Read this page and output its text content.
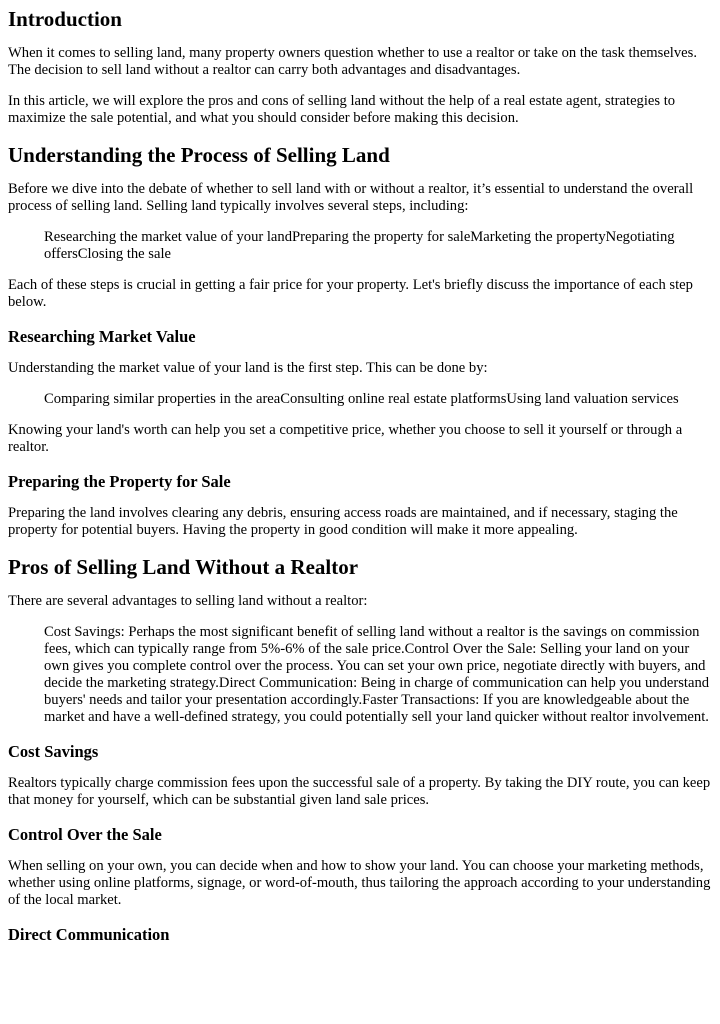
Introduction

When it comes to selling land, many property owners question whether to use a realtor or take on the task themselves. The decision to sell land without a realtor can carry both advantages and disadvantages.

In this article, we will explore the pros and cons of selling land without the help of a real estate agent, strategies to maximize the sale potential, and what you should consider before making this decision.

Understanding the Process of Selling Land

Before we dive into the debate of whether to sell land with or without a realtor, it’s essential to understand the overall process of selling land. Selling land typically involves several steps, including:

Researching the market value of your landPreparing the property for saleMarketing the propertyNegotiating offersClosing the sale

Each of these steps is crucial in getting a fair price for your property. Let's briefly discuss the importance of each step below.

Researching Market Value

Understanding the market value of your land is the first step. This can be done by:

Comparing similar properties in the areaConsulting online real estate platformsUsing land valuation services

Knowing your land's worth can help you set a competitive price, whether you choose to sell it yourself or through a realtor.

Preparing the Property for Sale

Preparing the land involves clearing any debris, ensuring access roads are maintained, and if necessary, staging the property for potential buyers. Having the property in good condition will make it more appealing.

Pros of Selling Land Without a Realtor

There are several advantages to selling land without a realtor:

Cost Savings: Perhaps the most significant benefit of selling land without a realtor is the savings on commission fees, which can typically range from 5%-6% of the sale price.Control Over the Sale: Selling your land on your own gives you complete control over the process. You can set your own price, negotiate directly with buyers, and decide the marketing strategy.Direct Communication: Being in charge of communication can help you understand buyers' needs and tailor your presentation accordingly.Faster Transactions: If you are knowledgeable about the market and have a well-defined strategy, you could potentially sell your land quicker without realtor involvement.

Cost Savings

Realtors typically charge commission fees upon the successful sale of a property. By taking the DIY route, you can keep that money for yourself, which can be substantial given land sale prices.

Control Over the Sale

When selling on your own, you can decide when and how to show your land. You can choose your marketing methods, whether using online platforms, signage, or word-of-mouth, thus tailoring the approach according to your understanding of the local market.

Direct Communication
